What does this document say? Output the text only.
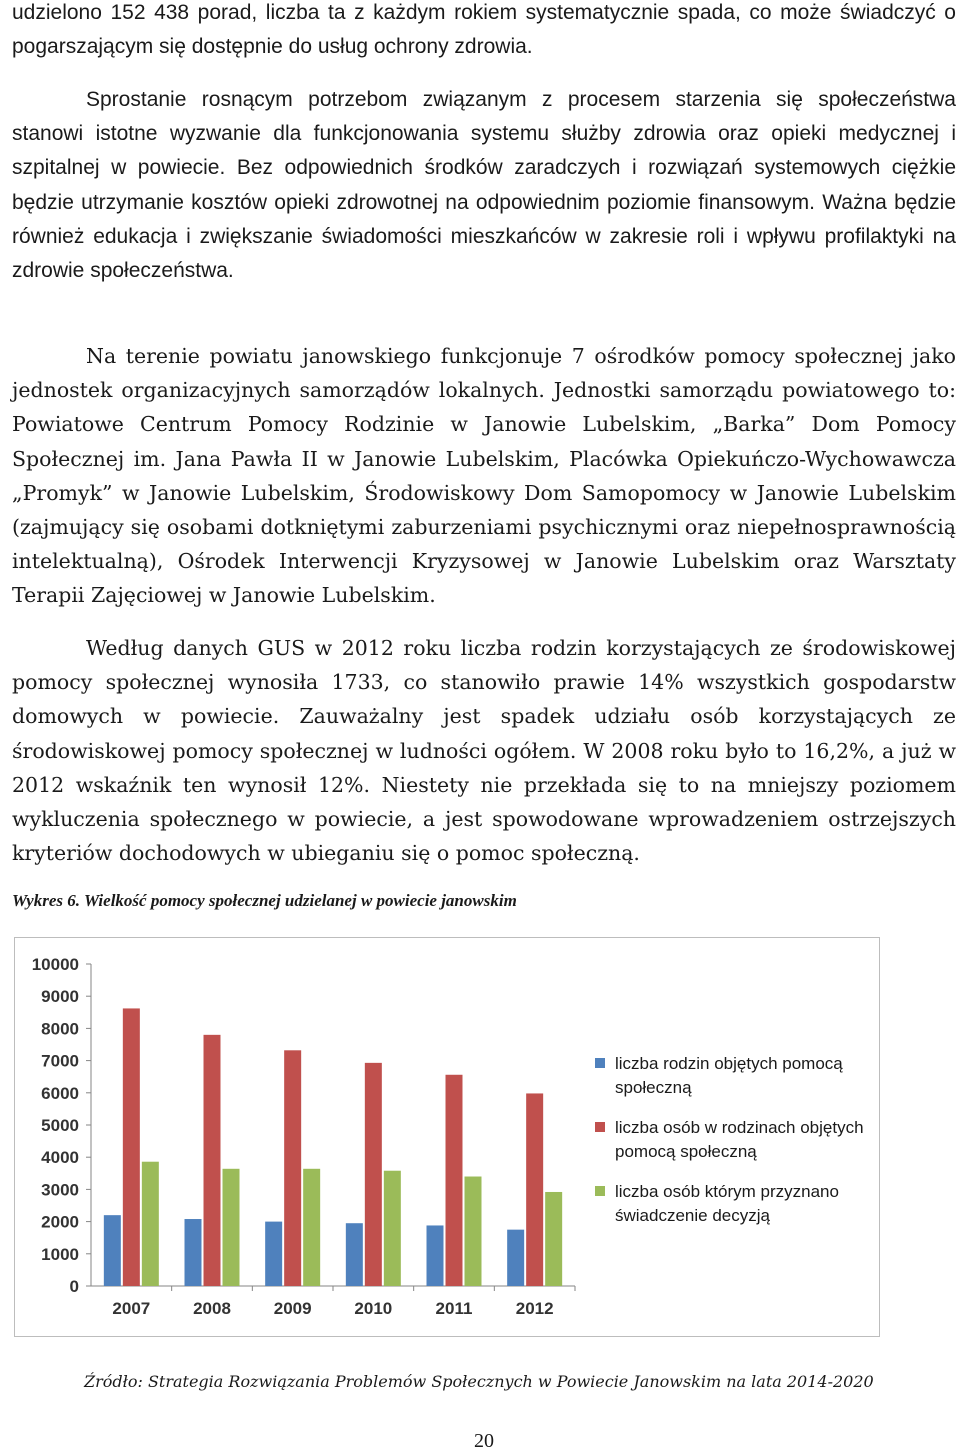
udzielono 152 438 porad, liczba ta z każdym rokiem systematycznie spada, co może świadczyć o pogarszającym się dostępnie do usług ochrony zdrowia.

Sprostanie rosnącym potrzebom związanym z procesem starzenia się społeczeństwa stanowi istotne wyzwanie dla funkcjonowania systemu służby zdrowia oraz opieki medycznej i szpitalnej w powiecie. Bez odpowiednich środków zaradczych i rozwiązań systemowych ciężkie będzie utrzymanie kosztów opieki zdrowotnej na odpowiednim poziomie finansowym. Ważna będzie również edukacja i zwiększanie świadomości mieszkańców w zakresie roli i wpływu profilaktyki na zdrowie społeczeństwa.

Na terenie powiatu janowskiego funkcjonuje 7 ośrodków pomocy społecznej jako jednostek organizacyjnych samorządów lokalnych. Jednostki samorządu powiatowego to: Powiatowe Centrum Pomocy Rodzinie w Janowie Lubelskim, „Barka” Dom Pomocy Społecznej im. Jana Pawła II w Janowie Lubelskim, Placówka Opiekuńczo-Wychowawcza „Promyk” w Janowie Lubelskim, Środowiskowy Dom Samopomocy w Janowie Lubelskim (zajmujący się osobami dotkniętymi zaburzeniami psychicznymi oraz niepełnosprawnością intelektualną), Ośrodek Interwencji Kryzysowej w Janowie Lubelskim oraz Warsztaty Terapii Zajęciowej w Janowie Lubelskim.

Według danych GUS w 2012 roku liczba rodzin korzystających ze środowiskowej pomocy społecznej wynosiła 1733, co stanowiło prawie 14% wszystkich gospodarstw domowych w powiecie. Zauważalny jest spadek udziału osób korzystających ze środowiskowej pomocy społecznej w ludności ogółem. W 2008 roku było to 16,2%, a już w 2012 wskaźnik ten wynosił 12%. Niestety nie przekłada się to na mniejszy poziomem wykluczenia społecznego w powiecie, a jest spowodowane wprowadzeniem ostrzejszych kryteriów dochodowych w ubieganiu się o pomoc społeczną.

Wykres 6. Wielkość pomocy społecznej udzielanej w powiecie janowskim
0
1000
2000
3000
4000
5000
6000
7000
8000
9000
10000
2007	2008	2009	2010	2011	2012
liczba rodzin objętych pomocą społeczną
liczba osób w rodzinach objętych pomocą społeczną
liczba osób którym przyznano świadczenie decyzją
Źródło: Strategia Rozwiązania Problemów Społecznych w Powiecie Janowskim na lata 2014-2020
20
